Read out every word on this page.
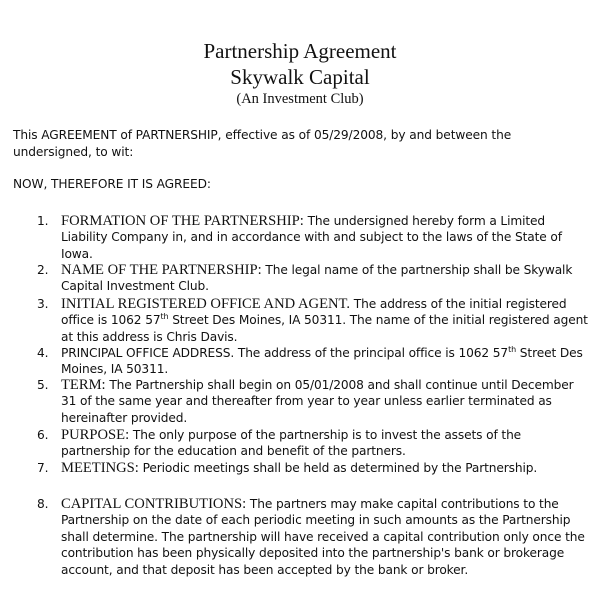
Partnership Agreement
Skywalk Capital
(An Investment Club)
This AGREEMENT of PARTNERSHIP, effective as of 05/29/2008, by and between the undersigned, to wit:
NOW, THEREFORE IT IS AGREED:
1. FORMATION OF THE PARTNERSHIP: The undersigned hereby form a Limited Liability Company in, and in accordance with and subject to the laws of the State of Iowa.
2. NAME OF THE PARTNERSHIP: The legal name of the partnership shall be Skywalk Capital Investment Club.
3. INITIAL REGISTERED OFFICE AND AGENT. The address of the initial registered office is 1062 57th Street Des Moines, IA 50311. The name of the initial registered agent at this address is Chris Davis.
4.	PRINCIPAL OFFICE ADDRESS. The address of the principal office is 1062 57th Street Des Moines, IA 50311.
5. TERM: The Partnership shall begin on 05/01/2008 and shall continue until December 31 of the same year and thereafter from year to year unless earlier terminated as hereinafter provided.
6. PURPOSE: The only purpose of the partnership is to invest the assets of the partnership for the education and benefit of the partners.
7. MEETINGS: Periodic meetings shall be held as determined by the Partnership.
8. CAPITAL CONTRIBUTIONS: The partners may make capital contributions to the Partnership on the date of each periodic meeting in such amounts as the Partnership shall determine. The partnership will have received a capital contribution only once the contribution has been physically deposited into the partnership's bank or brokerage account, and that deposit has been accepted by the bank or broker.
